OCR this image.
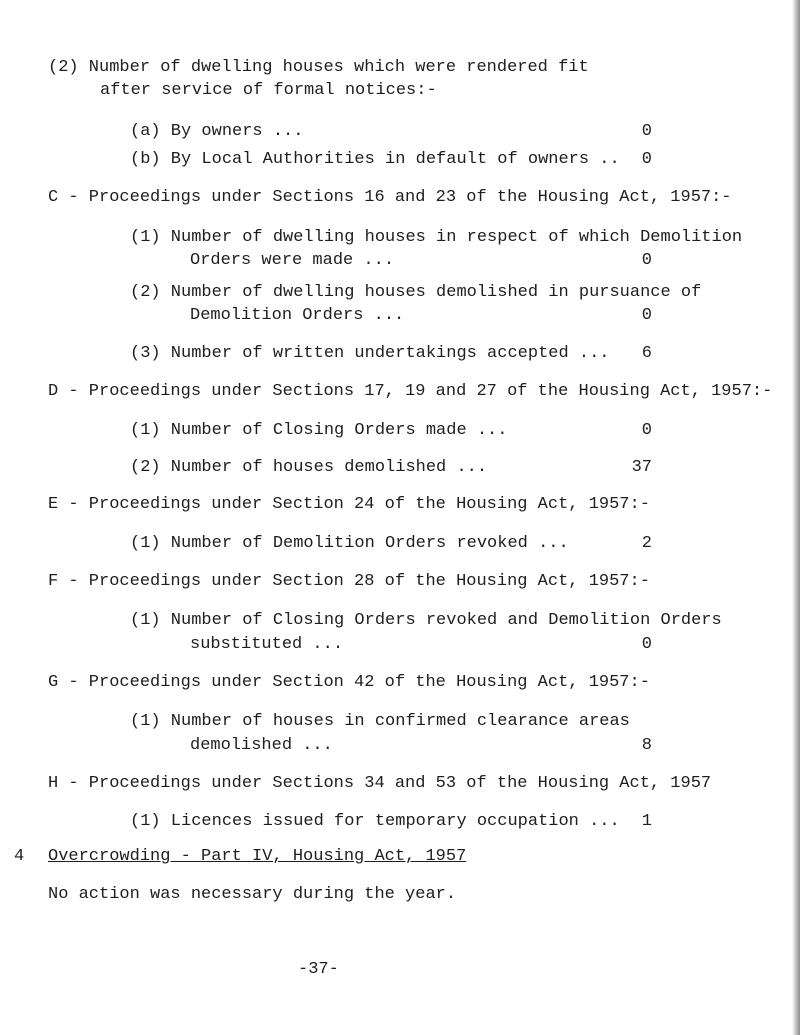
(2) Number of dwelling houses which were rendered fit
after service of formal notices:-
(a) By owners ...	0
(b) By Local Authorities in default of owners ..	0
C - Proceedings under Sections 16 and 23 of the Housing Act, 1957:-
(1) Number of dwelling houses in respect of which Demolition
Orders were made ...	0
(2) Number of dwelling houses demolished in pursuance of
Demolition Orders ...	0
(3) Number of written undertakings accepted ...	6
D - Proceedings under Sections 17, 19 and 27 of the Housing Act, 1957:-
(1) Number of Closing Orders made ...	0
(2) Number of houses demolished ...	37
E - Proceedings under Section 24 of the Housing Act, 1957:-
(1) Number of Demolition Orders revoked ...	2
F - Proceedings under Section 28 of the Housing Act, 1957:-
(1) Number of Closing Orders revoked and Demolition Orders
substituted ...	0
G - Proceedings under Section 42 of the Housing Act, 1957:-
(1) Number of houses in confirmed clearance areas
demolished ...	8
H - Proceedings under Sections 34 and 53 of the Housing Act, 1957
(1) Licences issued for temporary occupation ...	1
4 Overcrowding - Part IV, Housing Act, 1957
No action was necessary during the year.
-37-
